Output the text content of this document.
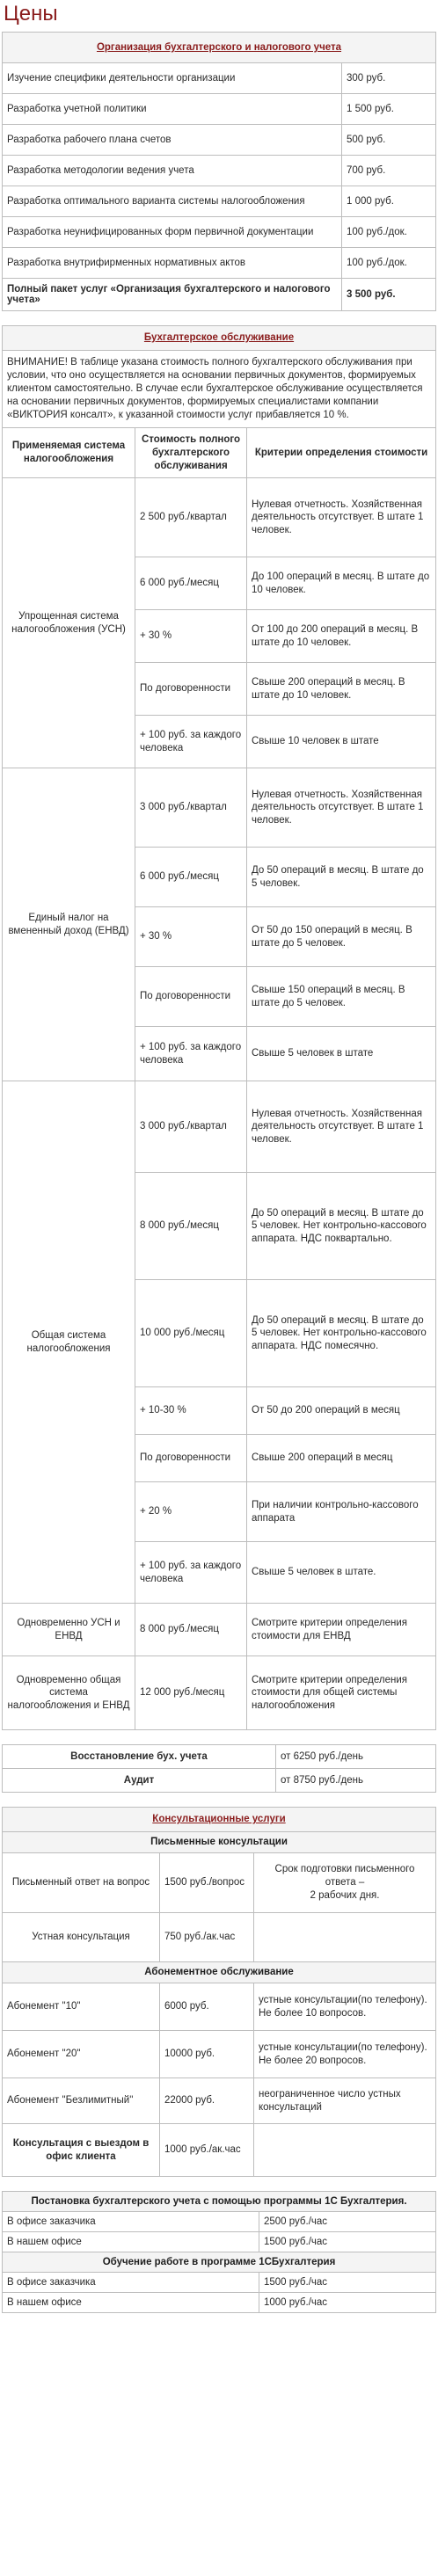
Цены
Организация бухгалтерского и налогового учета	
Изучение специфики деятельности организации	300 руб.
Разработка учетной политики	1 500 руб.
Разработка рабочего плана счетов	500 руб.
Разработка методологии ведения учета	700 руб.
Разработка оптимального варианта системы налогообложения	1 000 руб.
Разработка неунифицированных форм первичной документации	100 руб./док.
Разработка внутрифирменных нормативных актов	100 руб./док.
Полный пакет услуг «Организация бухгалтерского и налогового учета»	3 500 руб.
Бухгалтерское обслуживание		
ВНИМАНИЕ! В таблице указана стоимость полного бухгалтерского обслуживания при условии, что оно осуществляется на основании первичных документов, формируемых клиентом самостоятельно. В случае если бухгалтерское обслуживание осуществляется на основании первичных документов, формируемых специалистами компании «ВИКТОРИЯ консалт», к указанной стоимости услуг прибавляется 10 %.		
Применяемая система налогообложения	Стоимость полного бухгалтерского обслуживания	Критерии определения стоимости
Упрощенная система налогообложения (УСН)	2 500 руб./квартал	Нулевая отчетность. Хозяйственная деятельность отсутствует. В штате 1 человек.
	6 000 руб./месяц	До 100 операций в месяц. В штате до 10 человек.
	+ 30 %	От 100 до 200 операций в месяц. В штате до 10 человек.
	По договоренности	Свыше 200 операций в месяц. В штате до 10 человек.
	+ 100 руб. за каждого человека	Свыше 10 человек в штате
Единый налог на вмененный доход (ЕНВД)	3 000 руб./квартал	Нулевая отчетность. Хозяйственная деятельность отсутствует. В штате 1 человек.
	6 000 руб./месяц	До 50 операций в месяц. В штате до 5 человек.
	+ 30 %	От 50 до 150 операций в месяц. В штате до 5 человек.
	По договоренности	Свыше 150 операций в месяц. В штате до 5 человек.
	+ 100 руб. за каждого человека	Свыше 5 человек в штате
Общая система налогообложения	3 000 руб./квартал	Нулевая отчетность. Хозяйственная деятельность отсутствует. В штате 1 человек.
	8 000 руб./месяц	До 50 операций в месяц. В штате до 5 человек. Нет контрольно-кассового аппарата. НДС поквартально.
	10 000 руб./месяц	До 50 операций в месяц. В штате до 5 человек. Нет контрольно-кассового аппарата. НДС помесячно.
	+ 10-30 %	От 50 до 200 операций в месяц
	По договоренности	Свыше 200 операций в месяц
	+ 20 %	При наличии контрольно-кассового аппарата
	+ 100 руб. за каждого человека	Свыше 5 человек в штате.
Одновременно УСН и ЕНВД	8 000 руб./месяц	Смотрите критерии определения стоимости для ЕНВД
Одновременно общая система налогообложения и ЕНВД	12 000 руб./месяц	Смотрите критерии определения стоимости для общей системы налогообложения
Восстановление бух. учета	от 6250 руб./день
Аудит	от 8750 руб./день
Консультационные услуги		
Письменные консультации		
Письменный ответ на вопрос	1500 руб./вопрос	Срок подготовки письменного ответа –
2 рабочих дня.
Устная консультация	750 руб./ак.час	
Абонементное обслуживание		
Абонемент "10"	6000 руб.	устные консультации(по телефону). Не более 10 вопросов.
Абонемент "20"	10000 руб.	устные консультации(по телефону). Не более 20 вопросов.
Абонемент "Безлимитный"	22000 руб.	неограниченное число устных консультаций
Консультация с выездом в офис клиента	1000 руб./ак.час	
Постановка бухгалтерского учета с помощью программы 1С Бухгалтерия.	
В офисе заказчика	2500 руб./час
В нашем офисе	1500 руб./час
Обучение работе в программе 1СБухгалтерия	
В офисе заказчика	1500 руб./час
В нашем офисе	1000 руб./час
